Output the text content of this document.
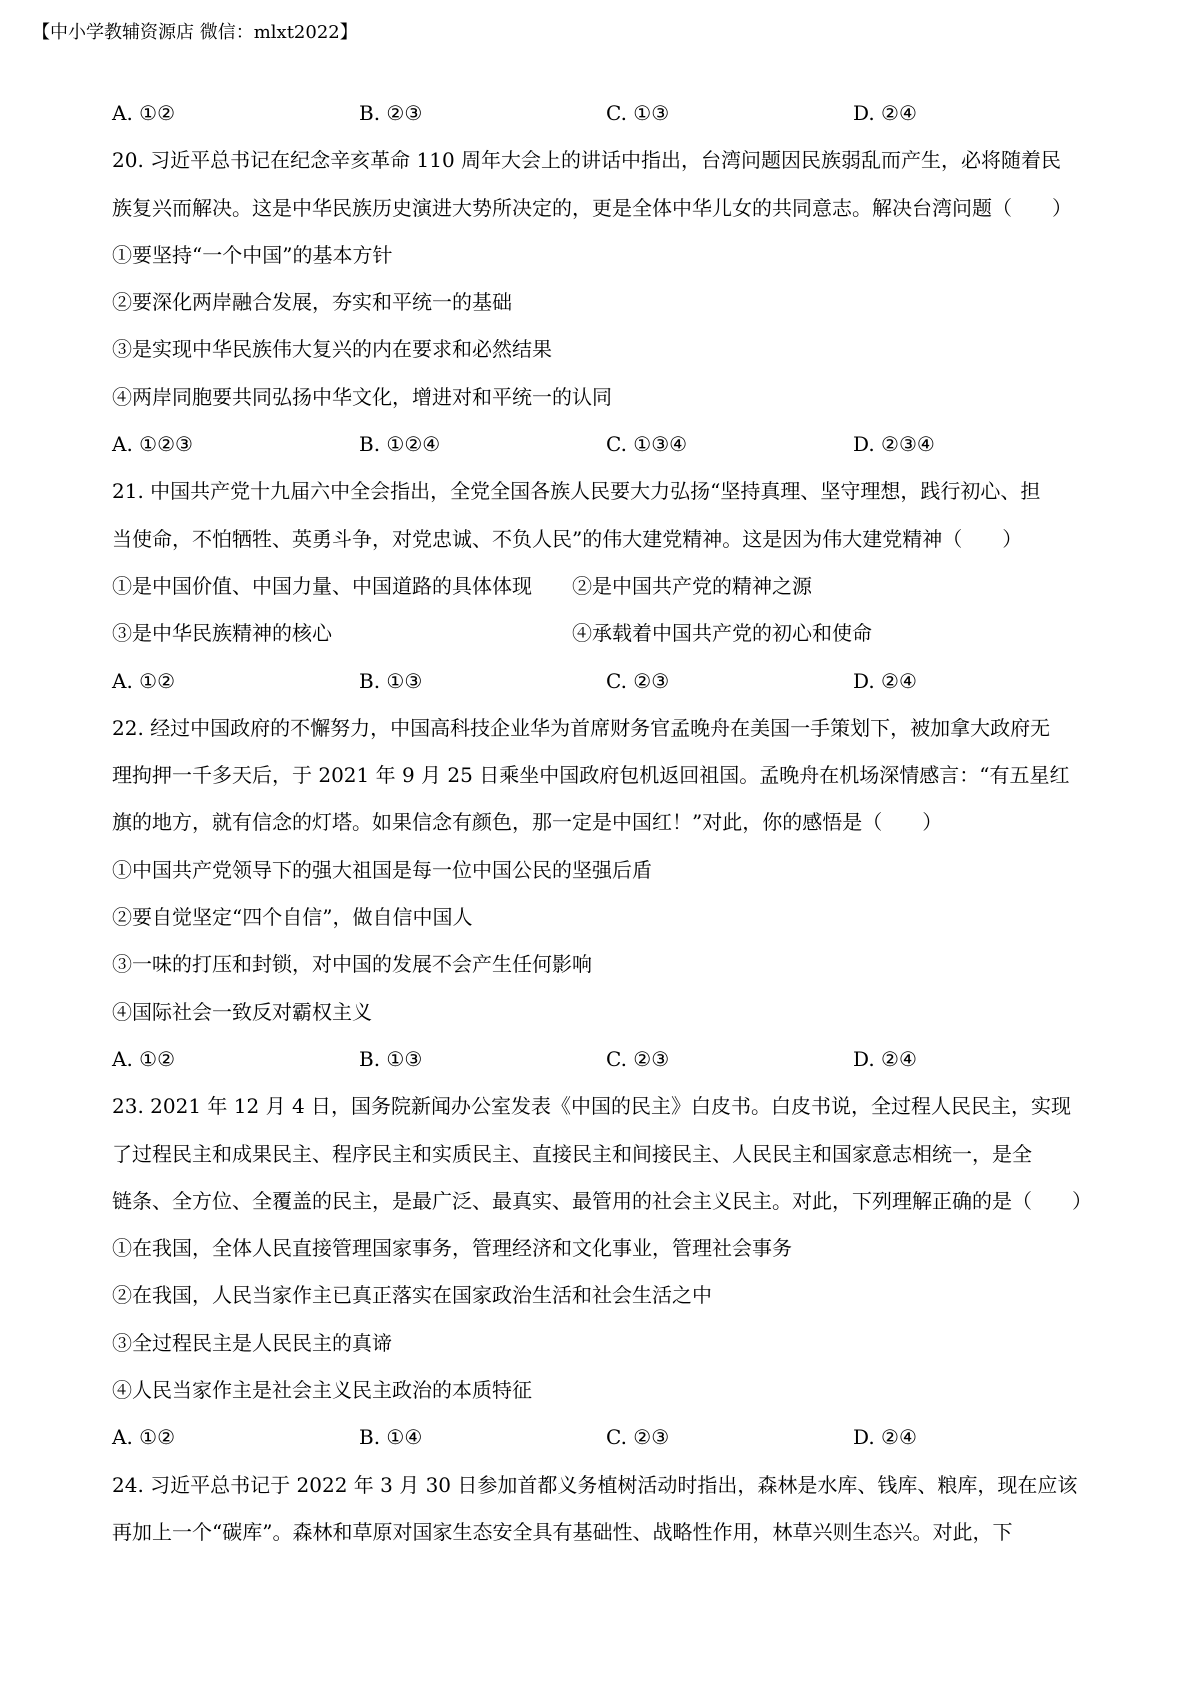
【中小学教辅资源店 微信：mlxt2022】
A. ①②	B. ②③	C. ①③	D. ②④
20. 习近平总书记在纪念辛亥革命 110 周年大会上的讲话中指出，台湾问题因民族弱乱而产生，必将随着民
族复兴而解决。这是中华民族历史演进大势所决定的，更是全体中华儿女的共同意志。解决台湾问题（　　）
①要坚持“一个中国”的基本方针
②要深化两岸融合发展，夯实和平统一的基础
③是实现中华民族伟大复兴的内在要求和必然结果
④两岸同胞要共同弘扬中华文化，增进对和平统一的认同
A. ①②③	B. ①②④	C. ①③④	D. ②③④
21. 中国共产党十九届六中全会指出，全党全国各族人民要大力弘扬“坚持真理、坚守理想，践行初心、担
当使命，不怕牺牲、英勇斗争，对党忠诚、不负人民”的伟大建党精神。这是因为伟大建党精神（　　）
①是中国价值、中国力量、中国道路的具体体现	②是中国共产党的精神之源
③是中华民族精神的核心	④承载着中国共产党的初心和使命
A. ①②	B. ①③	C. ②③	D. ②④
22. 经过中国政府的不懈努力，中国高科技企业华为首席财务官孟晚舟在美国一手策划下，被加拿大政府无
理拘押一千多天后，于 2021 年 9 月 25 日乘坐中国政府包机返回祖国。孟晚舟在机场深情感言：“有五星红
旗的地方，就有信念的灯塔。如果信念有颜色，那一定是中国红！”对此，你的感悟是（　　）
①中国共产党领导下的强大祖国是每一位中国公民的坚强后盾
②要自觉坚定“四个自信”，做自信中国人
③一味的打压和封锁，对中国的发展不会产生任何影响
④国际社会一致反对霸权主义
A. ①②	B. ①③	C. ②③	D. ②④
23. 2021 年 12 月 4 日，国务院新闻办公室发表《中国的民主》白皮书。白皮书说，全过程人民民主，实现
了过程民主和成果民主、程序民主和实质民主、直接民主和间接民主、人民民主和国家意志相统一，是全
链条、全方位、全覆盖的民主，是最广泛、最真实、最管用的社会主义民主。对此，下列理解正确的是（　　）
①在我国，全体人民直接管理国家事务，管理经济和文化事业，管理社会事务
②在我国，人民当家作主已真正落实在国家政治生活和社会生活之中
③全过程民主是人民民主的真谛
④人民当家作主是社会主义民主政治的本质特征
A. ①②	B. ①④	C. ②③	D. ②④
24. 习近平总书记于 2022 年 3 月 30 日参加首都义务植树活动时指出，森林是水库、钱库、粮库，现在应该
再加上一个“碳库”。森林和草原对国家生态安全具有基础性、战略性作用，林草兴则生态兴。对此，下
